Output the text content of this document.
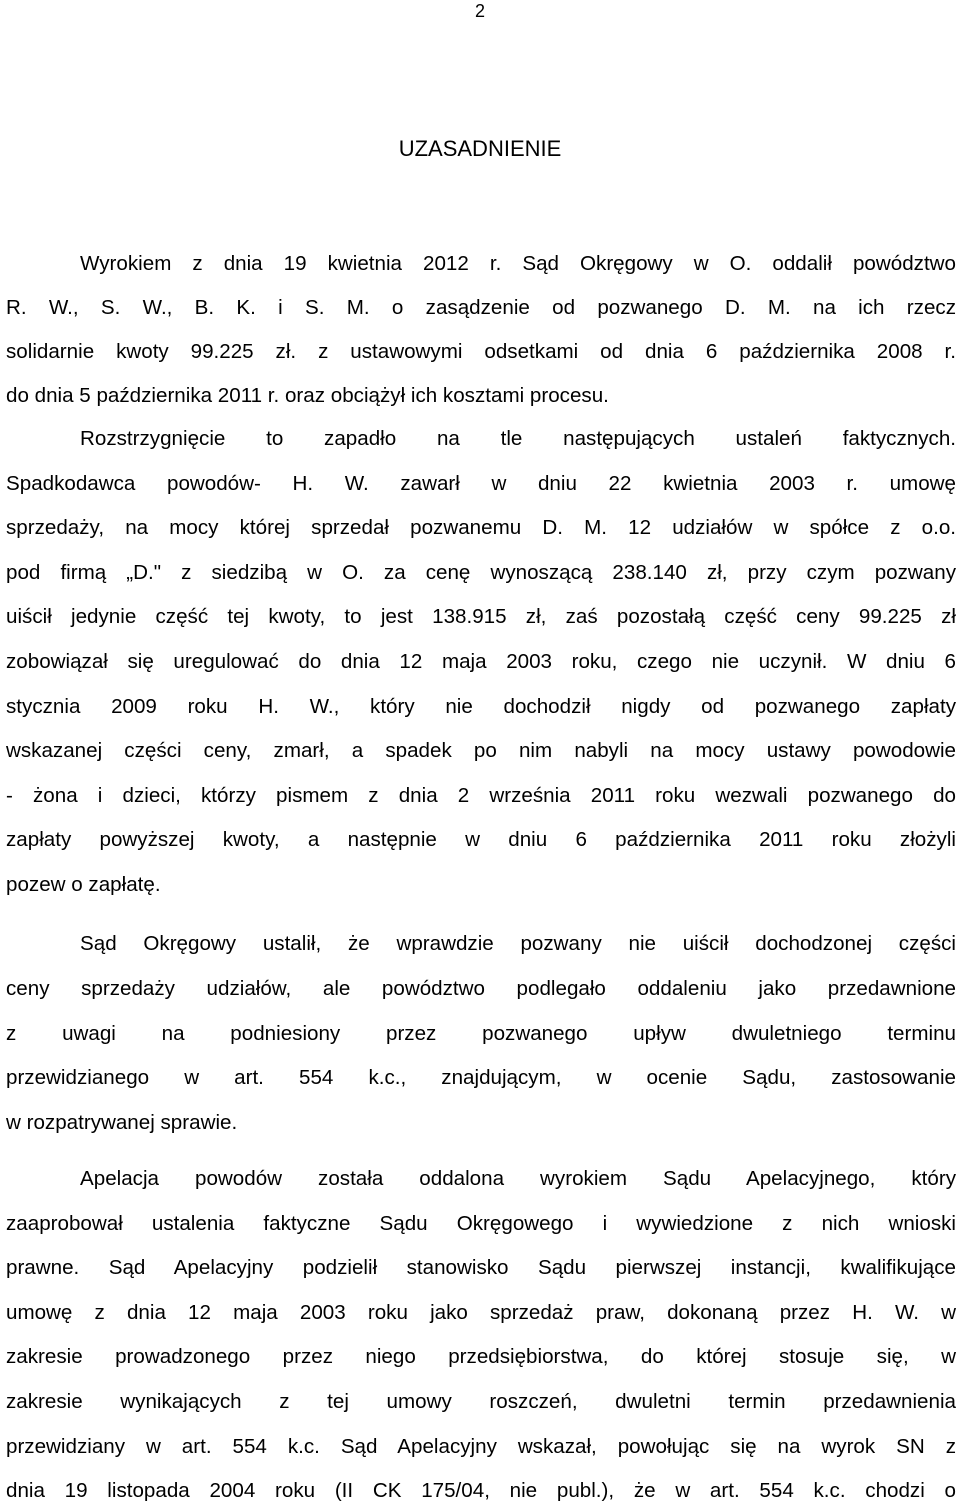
2
UZASADNIENIE
Wyrokiem z dnia 19 kwietnia 2012 r. Sąd Okręgowy w O. oddalił powództwo
R. W., S. W., B. K. i S. M. o zasądzenie od pozwanego D. M. na ich rzecz
solidarnie kwoty 99.225 zł. z ustawowymi odsetkami od dnia 6 października 2008 r.
do dnia 5 października 2011 r. oraz obciążył ich kosztami procesu.
Rozstrzygnięcie to zapadło na tle następujących ustaleń faktycznych.
Spadkodawca powodów- H. W. zawarł w dniu 22 kwietnia 2003 r. umowę
sprzedaży, na mocy której sprzedał pozwanemu D. M. 12 udziałów w spółce z o.o.
pod firmą „D." z siedzibą w O. za cenę wynoszącą 238.140 zł, przy czym pozwany
uiścił jedynie część tej kwoty, to jest 138.915 zł, zaś pozostałą część ceny 99.225 zł
zobowiązał się uregulować do dnia 12 maja 2003 roku, czego nie uczynił. W dniu 6
stycznia 2009 roku H. W., który nie dochodził nigdy od pozwanego zapłaty
wskazanej części ceny, zmarł, a spadek po nim nabyli na mocy ustawy powodowie
- żona i dzieci, którzy pismem z dnia 2 września 2011 roku wezwali pozwanego do
zapłaty powyższej kwoty, a następnie w dniu 6 października 2011 roku złożyli
pozew o zapłatę.
Sąd Okręgowy ustalił, że wprawdzie pozwany nie uiścił dochodzonej części
ceny sprzedaży udziałów, ale powództwo podlegało oddaleniu jako przedawnione
z uwagi na podniesiony przez pozwanego upływ dwuletniego terminu
przewidzianego w art. 554 k.c., znajdującym, w ocenie Sądu, zastosowanie
w rozpatrywanej sprawie.
Apelacja powodów została oddalona wyrokiem Sądu Apelacyjnego, który
zaaprobował ustalenia faktyczne Sądu Okręgowego i wywiedzione z nich wnioski
prawne. Sąd Apelacyjny podzielił stanowisko Sądu pierwszej instancji, kwalifikujące
umowę z dnia 12 maja 2003 roku jako sprzedaż praw, dokonaną przez H. W. w
zakresie prowadzonego przez niego przedsiębiorstwa, do której stosuje się, w
zakresie wynikających z tej umowy roszczeń, dwuletni termin przedawnienia
przewidziany w art. 554 k.c. Sąd Apelacyjny wskazał, powołując się na wyrok SN z
dnia 19 listopada 2004 roku (II CK 175/04, nie publ.), że w art. 554 k.c. chodzi o
